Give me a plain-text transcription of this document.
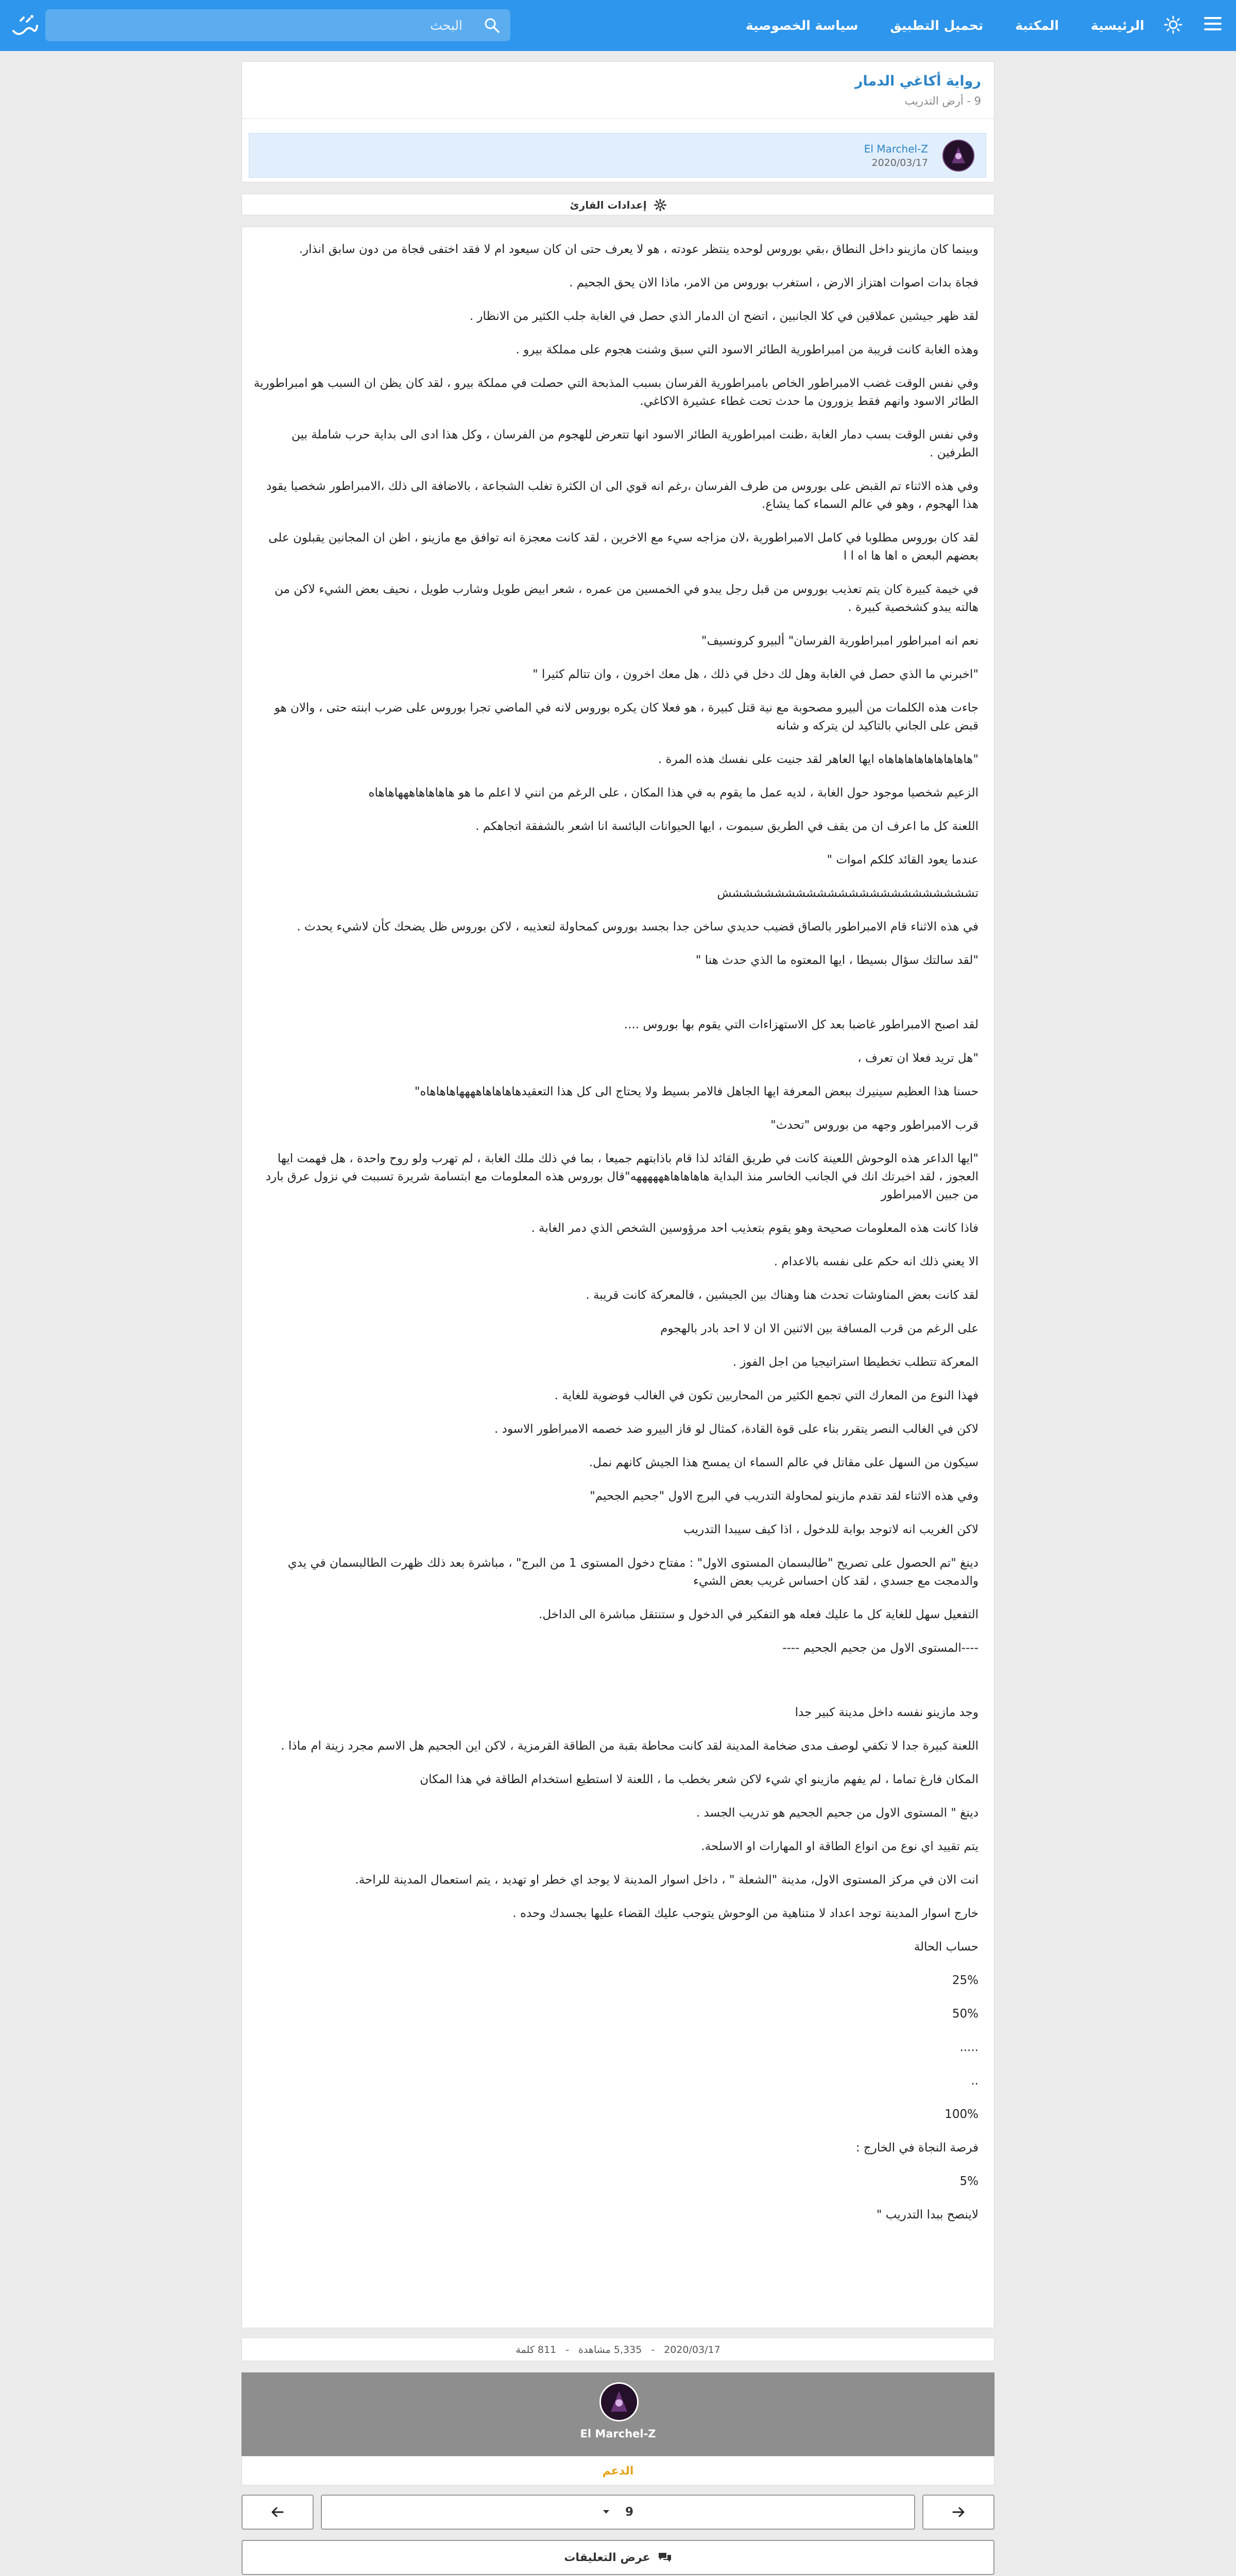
الرئيسية
المكتبة
تحميل التطبيق
سياسة الخصوصية
البحث
رواية أكاغي الدمار
9 - أرض التدريب
El Marchel-Z
2020/03/17
إعدادات القارئ

وبينما كان مازينو داخل النطاق ،بقي بوروس لوحده ينتظر عودته ، هو لا يعرف حتى ان كان سيعود ام لا فقد اختفى فجاة من دون سابق انذار.

فجاة بدات اصوات اهتزاز الارض ، استغرب بوروس من الامر، ماذا الان يحق الجحيم .

لقد ظهر جيشين عملاقين في كلا الجانبين ، اتضح ان الدمار الذي حصل في الغابة جلب الكثير من الانظار .

وهذه الغابة كانت قريبة من امبراطورية الطائر الاسود التي سبق وشنت هجوم على مملكة بيرو .

وفي نفس الوقت غضب الامبراطور الخاص بامبراطورية الفرسان بسبب المذبحة التي حصلت في مملكة بيرو ، لقد كان يظن ان السبب هو امبراطورية الطائر الاسود وانهم فقط يزورون ما حدث تحت غطاء عشيرة الاكاغي.

وفي نفس الوقت بسب دمار الغابة ،ظنت امبراطورية الطائر الاسود انها تتعرض للهجوم من الفرسان ، وكل هذا ادى الى بداية حرب شاملة بين الطرفين .

وفي هذه الاثناء تم القبض على بوروس من طرف الفرسان ،رغم انه قوي الى ان الكثرة تغلب الشجاعة ، بالاضافة الى ذلك ،الامبراطور شخصيا يقود هذا الهجوم ، وهو في عالم السماء كما يشاع.

لقد كان بوروس مطلوبا في كامل الامبراطورية ،لان مزاجه سيء مع الاخرين ، لقد كانت معجزة انه توافق مع مازينو ، اظن ان المجانين يقبلون على بعضهم البعض ه اها ها اه ا ا

في خيمة كبيرة كان يتم تعذيب بوروس من قبل رجل يبدو في الخمسين من عمره ، شعر ابيض طويل وشارب طويل ، نحيف بعض الشيء لاكن من هالته يبدو كشخصية كبيرة .

نعم انه امبراطور امبراطورية الفرسان" ألبيرو كرونسيف"

"اخبرني ما الذي حصل في الغابة وهل لك دخل في ذلك ، هل معك اخرون ، وان تتالم كثيرا "

جاءت هذه الكلمات من ألبيرو مصحوبة مع نية قتل كبيرة ، هو فعلا كان يكره بوروس لانه في الماضي تجرا بوروس على ضرب ابنته حتى ، والان هو قبض على الجاني بالتاكيد لن يتركه و شانه

"هاهاهاهاهاهاهاهاهاه ايها العاهر لقد جنيت على نفسك هذه المرة .

الزعيم شخصيا موجود حول الغابة ، لديه عمل ما يقوم به في هذا المكان ، على الرغم من انني لا اعلم ما هو هاهاهاهاهههاهاهاه

اللعنة كل ما اعرف ان من يقف في الطريق سيموت ، ايها الحيوانات البائسة انا اشعر بالشفقة اتجاهكم .

عندما يعود القائد كلكم اموات "

تشششششششششششششششششششششششش

في هذه الاثناء قام الامبراطور بالصاق قضيب حديدي ساخن جدا بجسد بوروس كمحاولة لتعذيبه ، لاكن بوروس ظل يضحك كأن لاشيء يحدث .

"لقد سالتك سؤال بسيطا ، ايها المعتوه ما الذي حدث هنا "

لقد اصبح الامبراطور غاضبا بعد كل الاستهزاءات التي يقوم بها بوروس ....

"هل تريد فعلا ان تعرف ،

حسنا هذا العظيم سينيرك ببعض المعرفة ايها الجاهل فالامر بسيط ولا يحتاج الى كل هذا التعقيدهاهاهاهاههههاهاهاهاه"

قرب الامبراطور وجهه من بوروس "تحدث"

"ايها الداعر هذه الوحوش اللعينة كانت في طريق القائد لذا قام باذابتهم جميعا ، بما في ذلك ملك الغابة ، لم تهرب ولو روح واحدة ، هل فهمت ايها العجوز ، لقد اخبرتك انك في الجانب الخاسر منذ البداية هاهاهاهاههههههه"قال بوروس هذه المعلومات مع ابتسامة شريرة تسببت في نزول عرق بارد من جبين الامبراطور

فاذا كانت هذه المعلومات صحيحة وهو يقوم بتعذيب احد مرؤوسين الشخص الذي دمر الغابة .

الا يعني ذلك انه حكم على نفسه بالاعدام .

لقد كانت بعض المناوشات تحدث هنا وهناك بين الجيشين ، فالمعركة كانت قريبة .

على الرغم من قرب المسافة بين الاثنين الا ان لا احد بادر بالهجوم

المعركة تتطلب تخطيطا استراتيجيا من اجل الفوز .

فهذا النوع من المعارك التي تجمع الكثير من المحاربين تكون في الغالب فوضوية للغاية .

لاكن في الغالب النصر يتقرر بناء على قوة القادة، كمثال لو فاز البيرو ضد خصمه الامبراطور الاسود .

سيكون من السهل على مقاتل في عالم السماء ان يمسح هذا الجيش كانهم نمل.

وفي هذه الاثناء لقد تقدم مازينو لمحاولة التدريب في البرج الاول "جحيم الجحيم"

لاكن الغريب انه لاتوجد بوابة للدخول ، اذا كيف سيبدا التدريب

دينغ "تم الحصول على تصريح "طالبسمان المستوى الاول" : مفتاح دخول المستوى 1 من البرج" ، مباشرة بعد ذلك ظهرت الطالبسمان في يدي والدمجت مع جسدي ، لقد كان احساس غريب بعض الشيء

التفعيل سهل للغاية كل ما عليك فعله هو التفكير في الدخول و ستنتقل مباشرة الى الداخل.

----المستوى الاول من جحيم الجحيم ----

وجد مازينو نفسه داخل مدينة كبير جدا

اللعنة كبيرة جدا لا تكفي لوصف مدى ضخامة المدينة لقد كانت محاطة بقبة من الطاقة القرمزية ، لاكن اين الجحيم هل الاسم مجرد زينة ام ماذا .

المكان فارغ تماما ، لم يفهم مازينو اي شيء لاكن شعر بخطب ما ، اللعنة لا استطيع استخدام الطاقة في هذا المكان

دينغ " المستوى الاول من جحيم الجحيم هو تدريب الجسد .

يتم تقييد اي نوع من انواع الطاقة او المهارات او الاسلحة.

انت الان في مركز المستوى الاول، مدينة "الشعلة " ، داخل اسوار المدينة لا يوجد اي خطر او تهديد ، يتم استعمال المدينة للراحة.

خارج اسوار المدينة توجد اعداد لا متناهية من الوحوش يتوجب عليك القضاء عليها بجسدك وحده .

حساب الحالة

25%

50%

.....

..

100%

فرصة النجاة في الخارج :

5%

لاينصح ببدا التدريب "

2020/03/17
-
5,335 مشاهدة
-
811 كلمة
El Marchel-Z
الدعم
9
عرض التعليقات
